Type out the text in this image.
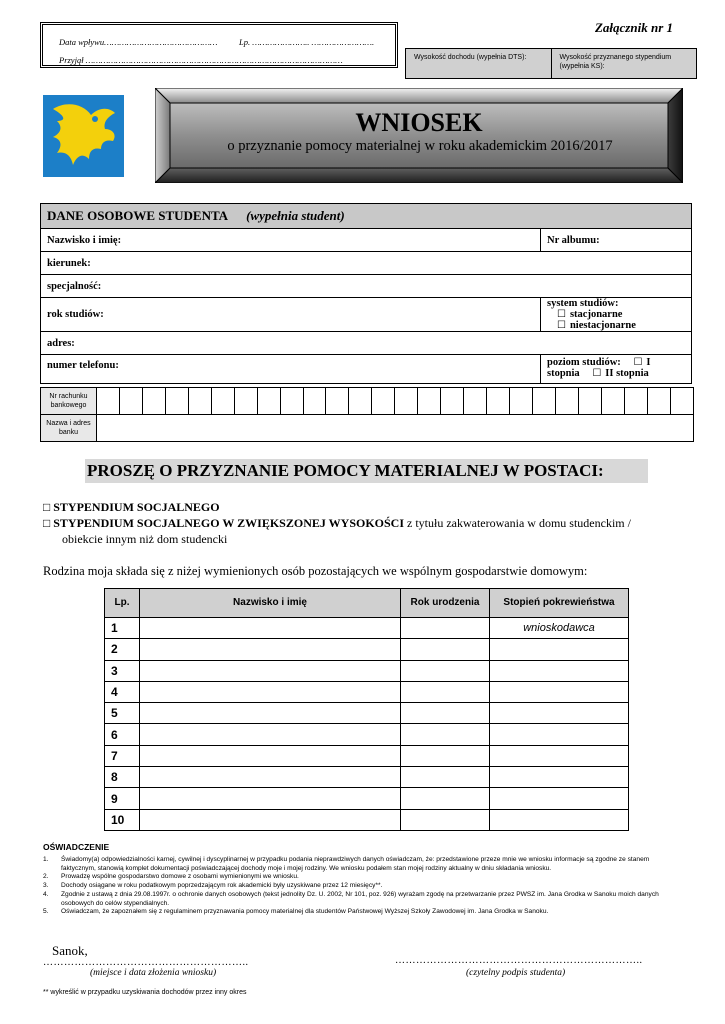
Data wpływu………………………………………	Lp. ………………….. …………………….
Przyjął …………………………………………………………………………………………
Załącznik nr 1
Wysokość dochodu (wypełnia DTS):	Wysokość przyznanego stypendium (wypełnia KS):
WNIOSEK
o przyznanie pomocy materialnej w roku akademickim 2016/2017
DANE OSOBOWE STUDENTA (wypełnia student)	
Nazwisko i imię:	Nr albumu:
kierunek:	
specjalność:	
rok studiów:	system studiów: ☐ stacjonarne ☐ niestacjonarne
adres:	
numer telefonu:	poziom studiów: ☐ I stopnia ☐ II stopnia
Nr rachunku bankowego																										
Nazwa i adres banku																										
PROSZĘ O PRZYZNANIE POMOCY MATERIALNEJ W POSTACI:
□ STYPENDIUM SOCJALNEGO
□ STYPENDIUM SOCJALNEGO W ZWIĘKSZONEJ WYSOKOŚCI z tytułu zakwaterowania w domu studenckim /
obiekcie innym niż dom studencki
Rodzina moja składa się z niżej wymienionych osób pozostających we wspólnym gospodarstwie domowym:
Lp.	Nazwisko i imię	Rok urodzenia	Stopień pokrewieństwa
1			wnioskodawca
2			
3			
4			
5			
6			
7			
8			
9			
10			
OŚWIADCZENIE
1.	Świadomy(a) odpowiedzialności karnej, cywilnej i dyscyplinarnej w przypadku podania nieprawdziwych danych oświadczam, że: przedstawione przeze mnie we wniosku informacje są zgodne ze stanem faktycznym, stanowią komplet dokumentacji poświadczającej dochody moje i mojej rodziny. We wniosku podałem stan mojej rodziny aktualny w dniu składania wniosku.
2.	Prowadzę wspólne gospodarstwo domowe z osobami wymienionymi we wniosku.
3.	Dochody osiągane w roku podatkowym poprzedzającym rok akademicki były uzyskiwane przez 12 miesięcy**.
4.	Zgodnie z ustawą z dnia 29.08.1997r. o ochronie danych osobowych (tekst jednolity Dz. U. 2002, Nr 101, poz. 926) wyrażam zgodę na przetwarzanie przez PWSZ im. Jana Grodka w Sanoku moich danych osobowych do celów stypendialnych.
5.	Oświadczam, że zapoznałem się z regulaminem przyznawania pomocy materialnej dla studentów Państwowej Wyższej Szkoły Zawodowej im. Jana Grodka w Sanoku.
Sanok,
…………………………………………………..	……………………………………………………………..
(miejsce i data złożenia wniosku)	(czytelny podpis studenta)
** wykreślić w przypadku uzyskiwania dochodów przez inny okres
